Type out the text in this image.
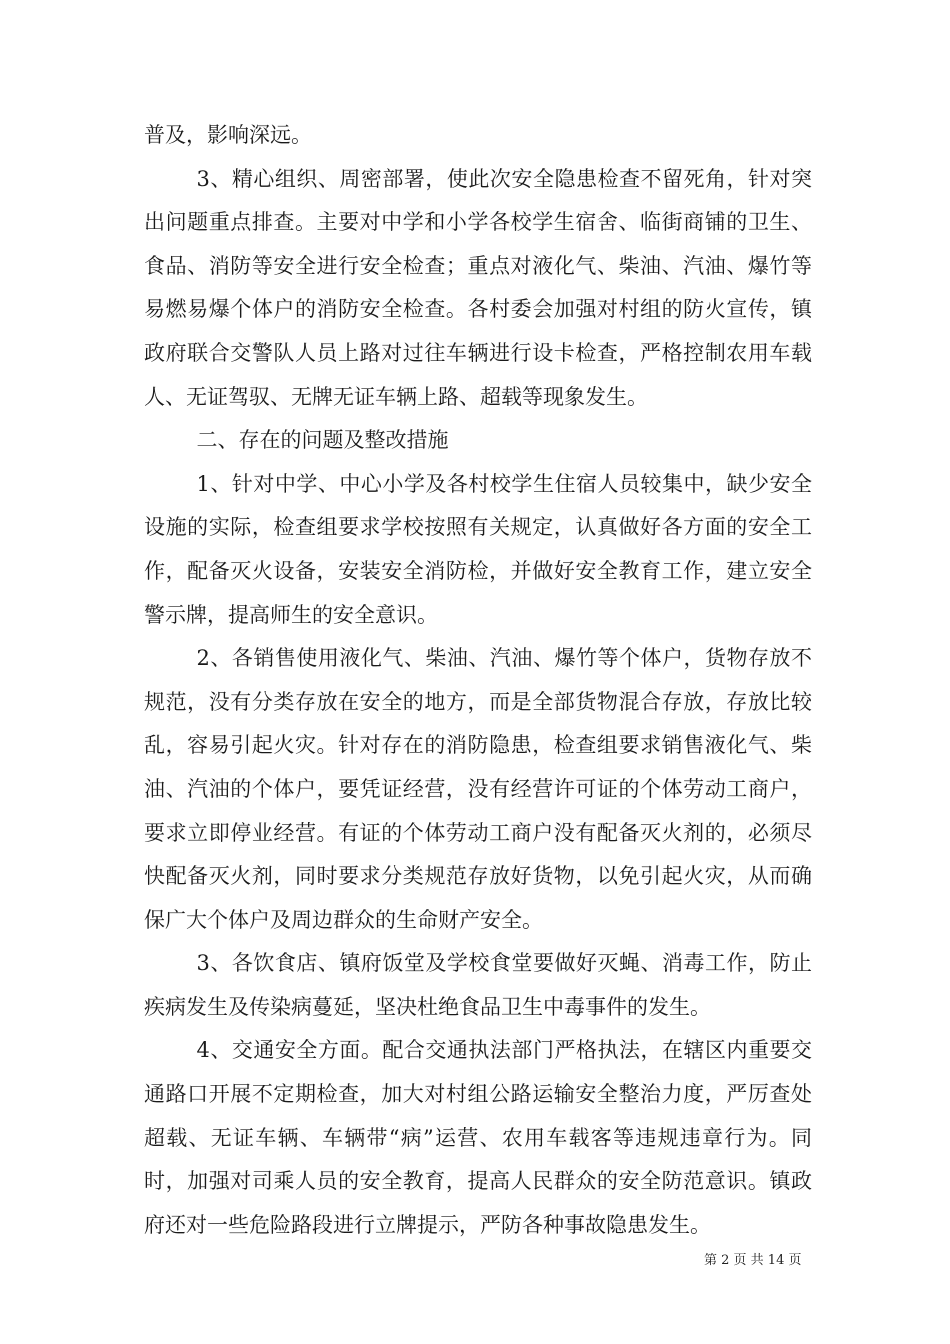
普及，影响深远。

3、精心组织、周密部署，使此次安全隐患检查不留死角，针对突出问题重点排查。主要对中学和小学各校学生宿舍、临街商铺的卫生、食品、消防等安全进行安全检查；重点对液化气、柴油、汽油、爆竹等易燃易爆个体户的消防安全检查。各村委会加强对村组的防火宣传，镇政府联合交警队人员上路对过往车辆进行设卡检查，严格控制农用车载人、无证驾驭、无牌无证车辆上路、超载等现象发生。

二、存在的问题及整改措施

1、针对中学、中心小学及各村校学生住宿人员较集中，缺少安全设施的实际，检查组要求学校按照有关规定，认真做好各方面的安全工作，配备灭火设备，安装安全消防检，并做好安全教育工作，建立安全警示牌，提高师生的安全意识。

2、各销售使用液化气、柴油、汽油、爆竹等个体户，货物存放不规范，没有分类存放在安全的地方，而是全部货物混合存放，存放比较乱，容易引起火灾。针对存在的消防隐患，检查组要求销售液化气、柴油、汽油的个体户，要凭证经营，没有经营许可证的个体劳动工商户，要求立即停业经营。有证的个体劳动工商户没有配备灭火剂的，必须尽快配备灭火剂，同时要求分类规范存放好货物，以免引起火灾，从而确保广大个体户及周边群众的生命财产安全。

3、各饮食店、镇府饭堂及学校食堂要做好灭蝇、消毒工作，防止疾病发生及传染病蔓延，坚决杜绝食品卫生中毒事件的发生。

4、交通安全方面。配合交通执法部门严格执法，在辖区内重要交通路口开展不定期检查，加大对村组公路运输安全整治力度，严厉查处超载、无证车辆、车辆带“病”运营、农用车载客等违规违章行为。同时，加强对司乘人员的安全教育，提高人民群众的安全防范意识。镇政府还对一些危险路段进行立牌提示，严防各种事故隐患发生。

第 2 页 共 14 页
